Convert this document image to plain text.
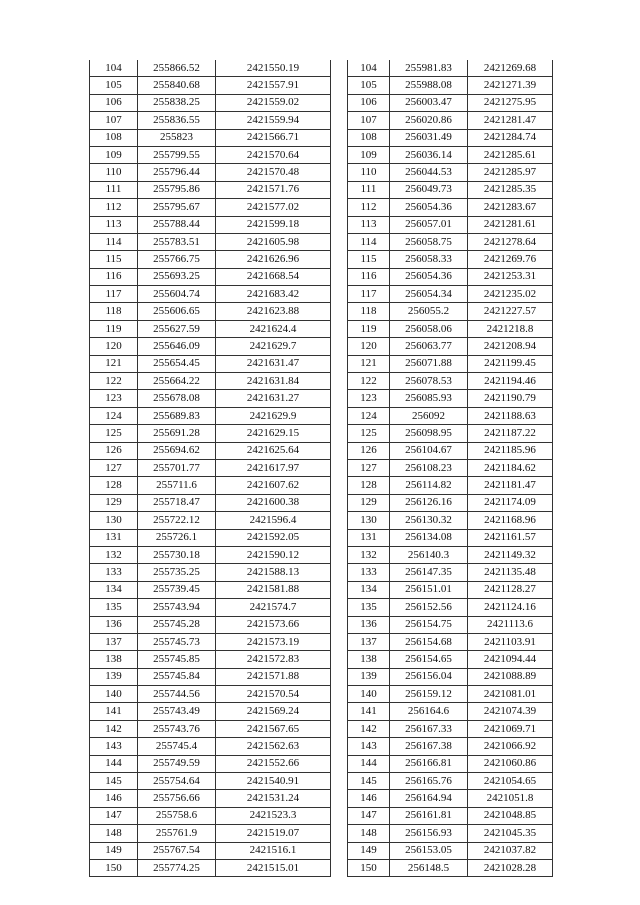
104	255866.52	2421550.19
105	255840.68	2421557.91
106	255838.25	2421559.02
107	255836.55	2421559.94
108	255823	2421566.71
109	255799.55	2421570.64
110	255796.44	2421570.48
111	255795.86	2421571.76
112	255795.67	2421577.02
113	255788.44	2421599.18
114	255783.51	2421605.98
115	255766.75	2421626.96
116	255693.25	2421668.54
117	255604.74	2421683.42
118	255606.65	2421623.88
119	255627.59	2421624.4
120	255646.09	2421629.7
121	255654.45	2421631.47
122	255664.22	2421631.84
123	255678.08	2421631.27
124	255689.83	2421629.9
125	255691.28	2421629.15
126	255694.62	2421625.64
127	255701.77	2421617.97
128	255711.6	2421607.62
129	255718.47	2421600.38
130	255722.12	2421596.4
131	255726.1	2421592.05
132	255730.18	2421590.12
133	255735.25	2421588.13
134	255739.45	2421581.88
135	255743.94	2421574.7
136	255745.28	2421573.66
137	255745.73	2421573.19
138	255745.85	2421572.83
139	255745.84	2421571.88
140	255744.56	2421570.54
141	255743.49	2421569.24
142	255743.76	2421567.65
143	255745.4	2421562.63
144	255749.59	2421552.66
145	255754.64	2421540.91
146	255756.66	2421531.24
147	255758.6	2421523.3
148	255761.9	2421519.07
149	255767.54	2421516.1
150	255774.25	2421515.01
104	255981.83	2421269.68
105	255988.08	2421271.39
106	256003.47	2421275.95
107	256020.86	2421281.47
108	256031.49	2421284.74
109	256036.14	2421285.61
110	256044.53	2421285.97
111	256049.73	2421285.35
112	256054.36	2421283.67
113	256057.01	2421281.61
114	256058.75	2421278.64
115	256058.33	2421269.76
116	256054.36	2421253.31
117	256054.34	2421235.02
118	256055.2	2421227.57
119	256058.06	2421218.8
120	256063.77	2421208.94
121	256071.88	2421199.45
122	256078.53	2421194.46
123	256085.93	2421190.79
124	256092	2421188.63
125	256098.95	2421187.22
126	256104.67	2421185.96
127	256108.23	2421184.62
128	256114.82	2421181.47
129	256126.16	2421174.09
130	256130.32	2421168.96
131	256134.08	2421161.57
132	256140.3	2421149.32
133	256147.35	2421135.48
134	256151.01	2421128.27
135	256152.56	2421124.16
136	256154.75	2421113.6
137	256154.68	2421103.91
138	256154.65	2421094.44
139	256156.04	2421088.89
140	256159.12	2421081.01
141	256164.6	2421074.39
142	256167.33	2421069.71
143	256167.38	2421066.92
144	256166.81	2421060.86
145	256165.76	2421054.65
146	256164.94	2421051.8
147	256161.81	2421048.85
148	256156.93	2421045.35
149	256153.05	2421037.82
150	256148.5	2421028.28
